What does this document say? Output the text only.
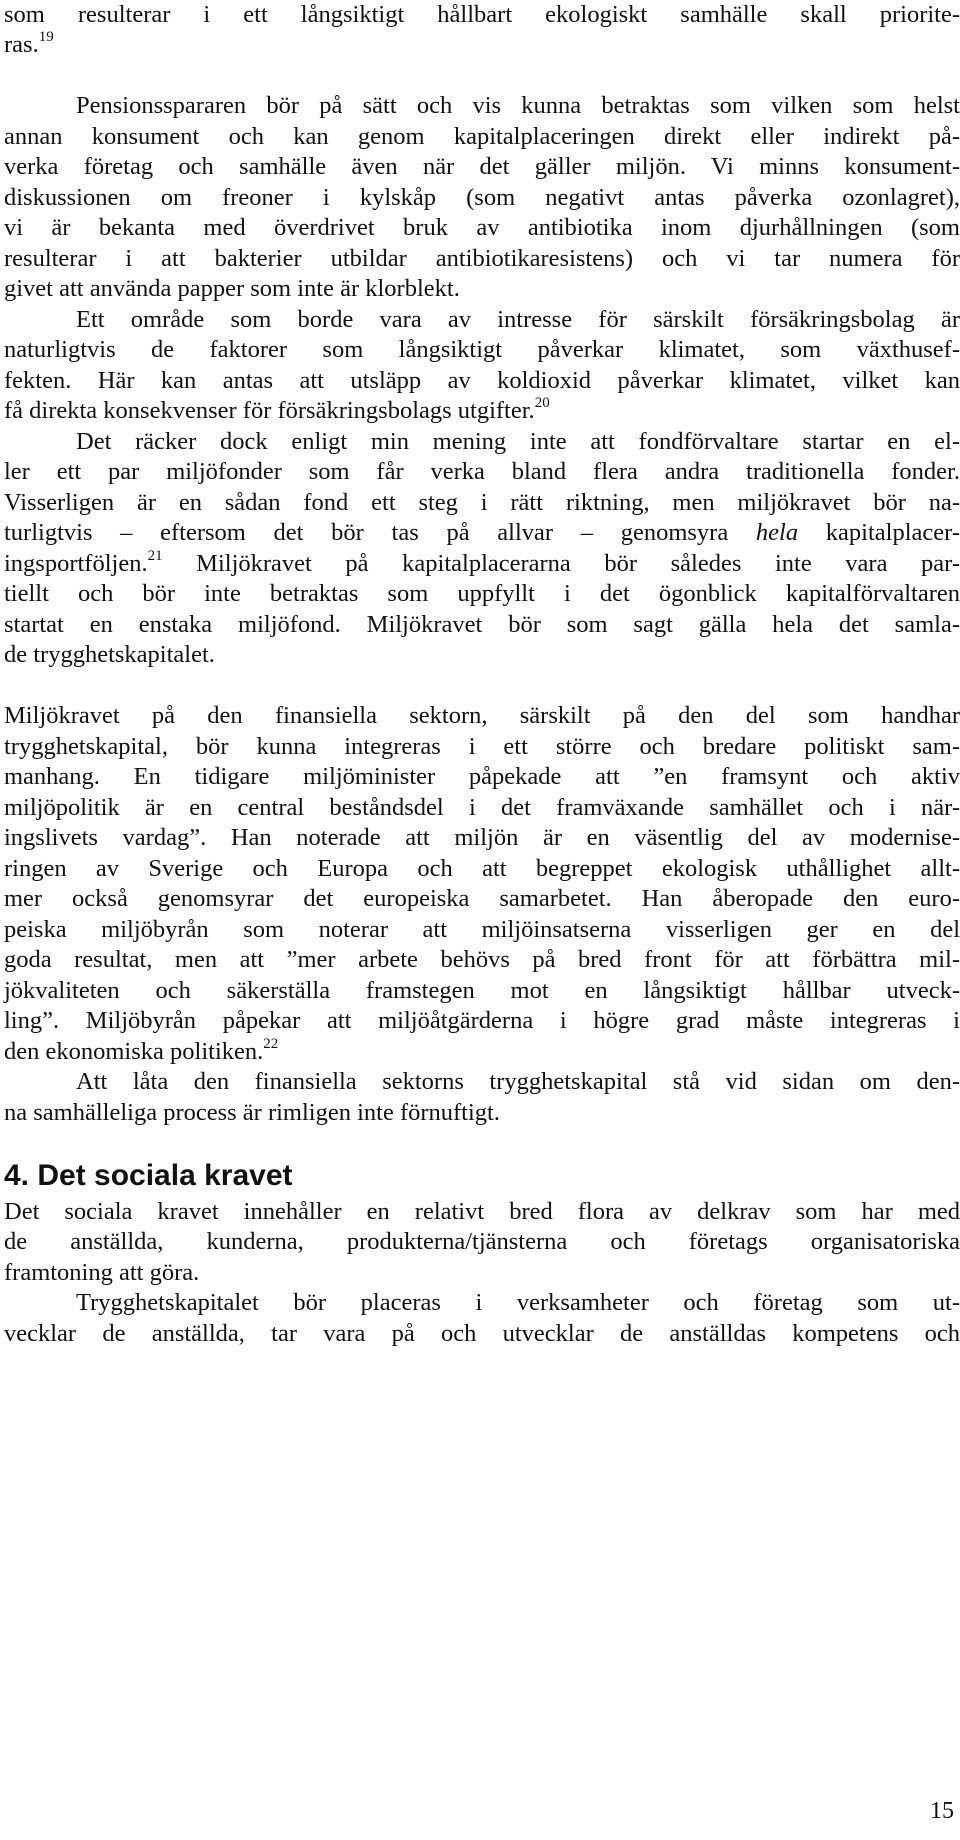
som resulterar i ett långsiktigt hållbart ekologiskt samhälle skall priorite-

ras.$^{19}$

Pensionsspararen bör på sätt och vis kunna betraktas som vilken som helst

annan konsument och kan genom kapitalplaceringen direkt eller indirekt på-

verka företag och samhälle även när det gäller miljön. Vi minns konsument-

diskussionen om freoner i kylskåp (som negativt antas påverka ozonlagret),

vi är bekanta med överdrivet bruk av antibiotika inom djurhållningen (som

resulterar i att bakterier utbildar antibiotikaresistens) och vi tar numera för

givet att använda papper som inte är klorblekt.

Ett område som borde vara av intresse för särskilt försäkringsbolag är

naturligtvis de faktorer som långsiktigt påverkar klimatet, som växthusef-

fekten. Här kan antas att utsläpp av koldioxid påverkar klimatet, vilket kan

få direkta konsekvenser för försäkringsbolags utgifter.$^{20}$

Det räcker dock enligt min mening inte att fondförvaltare startar en el-

ler ett par miljöfonder som får verka bland flera andra traditionella fonder.

Visserligen är en sådan fond ett steg i rätt riktning, men miljökravet bör na-

turligtvis – eftersom det bör tas på allvar – genomsyra hela kapitalplacer-

ingsportföljen.$^{21}$ Miljökravet på kapitalplacerarna bör således inte vara par-

tiellt och bör inte betraktas som uppfyllt i det ögonblick kapitalförvaltaren

startat en enstaka miljöfond. Miljökravet bör som sagt gälla hela det samla-

de trygghetskapitalet.

Miljökravet på den finansiella sektorn, särskilt på den del som handhar

trygghetskapital, bör kunna integreras i ett större och bredare politiskt sam-

manhang. En tidigare miljöminister påpekade att ”en framsynt och aktiv

miljöpolitik är en central beståndsdel i det framväxande samhället och i när-

ingslivets vardag”. Han noterade att miljön är en väsentlig del av modernise-

ringen av Sverige och Europa och att begreppet ekologisk uthållighet allt-

mer också genomsyrar det europeiska samarbetet. Han åberopade den euro-

peiska miljöbyrån som noterar att miljöinsatserna visserligen ger en del

goda resultat, men att ”mer arbete behövs på bred front för att förbättra mil-

jökvaliteten och säkerställa framstegen mot en långsiktigt hållbar utveck-

ling”. Miljöbyrån påpekar att miljöåtgärderna i högre grad måste integreras i

den ekonomiska politiken.$^{22}$

Att låta den finansiella sektorns trygghetskapital stå vid sidan om den-

na samhälleliga process är rimligen inte förnuftigt.

4. Det sociala kravet

Det sociala kravet innehåller en relativt bred flora av delkrav som har med

de anställda, kunderna, produkterna/tjänsterna och företags organisatoriska

framtoning att göra.

Trygghetskapitalet bör placeras i verksamheter och företag som ut-

vecklar de anställda, tar vara på och utvecklar de anställdas kompetens och

15
